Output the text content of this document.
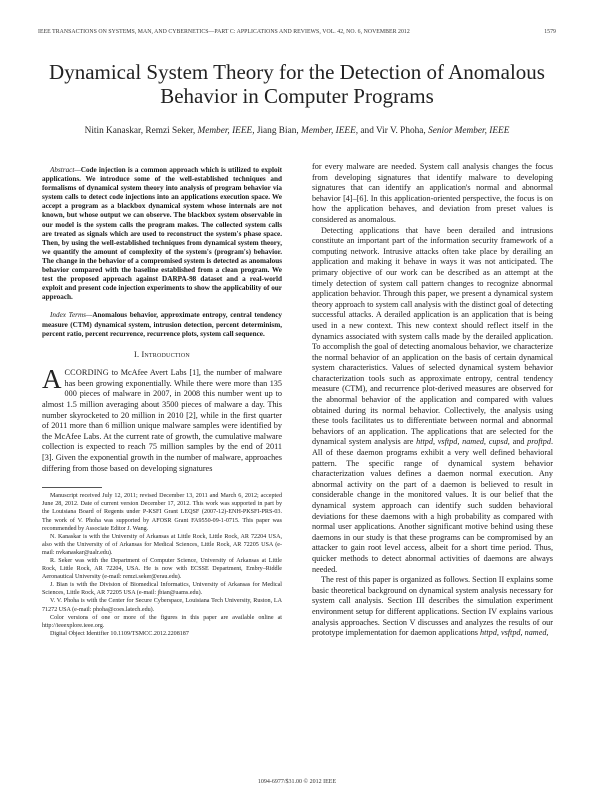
IEEE TRANSACTIONS ON SYSTEMS, MAN, AND CYBERNETICS—PART C: APPLICATIONS AND REVIEWS, VOL. 42, NO. 6, NOVEMBER 2012	1579
Dynamical System Theory for the Detection of Anomalous Behavior in Computer Programs
Nitin Kanaskar, Remzi Seker, Member, IEEE, Jiang Bian, Member, IEEE, and Vir V. Phoha, Senior Member, IEEE

Abstract—Code injection is a common approach which is utilized to exploit applications. We introduce some of the well-established techniques and formalisms of dynamical system theory into analysis of program behavior via system calls to detect code injections into an applications execution space. We accept a program as a blackbox dynamical system whose internals are not known, but whose output we can observe. The blackbox system observable in our model is the system calls the program makes. The collected system calls are treated as signals which are used to reconstruct the system's phase space. Then, by using the well-established techniques from dynamical system theory, we quantify the amount of complexity of the system's (program's) behavior. The change in the behavior of a compromised system is detected as anomalous behavior compared with the baseline established from a clean program. We test the proposed approach against DARPA-98 dataset and a real-world exploit and present code injection experiments to show the applicability of our approach.

Index Terms—Anomalous behavior, approximate entropy, central tendency measure (CTM) dynamical system, intrusion detection, percent determinism, percent ratio, percent recurrence, recurrence plots, system call sequence.
I. Introduction

ACCORDING to McAfee Avert Labs [1], the number of malware has been growing exponentially. While there were more than 135 000 pieces of malware in 2007, in 2008 this number went up to almost 1.5 million averaging about 3500 pieces of malware a day. This number skyrocketed to 20 million in 2010 [2], while in the first quarter of 2011 more than 6 million unique malware samples were identified by the McAfee Labs. At the current rate of growth, the cumulative malware collection is expected to reach 75 million samples by the end of 2011 [3]. Given the exponential growth in the number of malware, approaches differing from those based on developing signatures

Manuscript received July 12, 2011; revised December 13, 2011 and March 6, 2012; accepted June 28, 2012. Date of current version December 17, 2012. This work was supported in part by the Louisiana Board of Regents under P-KSFI Grant LEQSF (2007-12)-ENH-PKSFI-PRS-03. The work of V. Phoha was supported by AFOSR Grant FA9550-09-1-0715. This paper was recommended by Associate Editor J. Wang.

N. Kanaskar is with the University of Arkansas at Little Rock, Little Rock, AR 72204 USA, also with the University of of Arkansas for Medical Sciences, Little Rock, AR 72205 USA (e-mail: nvkanaskar@ualr.edu).

R. Seker was with the Department of Computer Science, University of Arkansas at Little Rock, Little Rock, AR 72204, USA. He is now with ECSSE Department, Embry–Riddle Aeronautical University (e-mail: remzi.seker@erau.edu).

J. Bian is with the Division of Biomedical Informatics, University of Arkansas for Medical Sciences, Little Rock, AR 72205 USA (e-mail: jbian@uams.edu).

V. V. Phoha is with the Center for Secure Cyberspace, Louisiana Tech University, Ruston, LA 71272 USA (e-mail: phoha@coes.latech.edu).

Color versions of one or more of the figures in this paper are available online at http://ieeexplore.ieee.org.

Digital Object Identifier 10.1109/TSMCC.2012.2208187

for every malware are needed. System call analysis changes the focus from developing signatures that identify malware to developing signatures that can identify an application's normal and abnormal behavior [4]–[6]. In this application-oriented perspective, the focus is on how the application behaves, and deviation from preset values is considered as anomalous.

Detecting applications that have been derailed and intrusions constitute an important part of the information security framework of a computing network. Intrusive attacks often take place by derailing an application and making it behave in ways it was not anticipated. The primary objective of our work can be described as an attempt at the timely detection of system call pattern changes to recognize abnormal application behavior. Through this paper, we present a dynamical system theory approach to system call analysis with the distinct goal of detecting successful attacks. A derailed application is an application that is being used in a new context. This new context should reflect itself in the dynamics associated with system calls made by the derailed application. To accomplish the goal of detecting anomalous behavior, we characterize the normal behavior of an application on the basis of certain dynamical system characteristics. Values of selected dynamical system behavior characterization tools such as approximate entropy, central tendency measure (CTM), and recurrence plot-derived measures are observed for the abnormal behavior of the application and compared with values obtained during its normal behavior. Collectively, the analysis using these tools facilitates us to differentiate between normal and abnormal behaviors of an application. The applications that are selected for the dynamical system analysis are httpd, vsftpd, named, cupsd, and proftpd. All of these daemon programs exhibit a very well defined behavioral pattern. The specific range of dynamical system behavior characterization values defines a daemon normal execution. Any abnormal activity on the part of a daemon is believed to result in considerable change in the monitored values. It is our belief that the dynamical system approach can identify such sudden behavioral deviations for these daemons with a high probability as compared with normal user applications. Another significant motive behind using these daemons in our study is that these programs can be compromised by an attacker to gain root level access, albeit for a short time period. Thus, quicker methods to detect abnormal activities of daemons are always needed.

The rest of this paper is organized as follows. Section II explains some basic theoretical background on dynamical system analysis necessary for system call analysis. Section III describes the simulation experiment environment setup for different applications. Section IV explains various analysis approaches. Section V discusses and analyzes the results of our prototype implementation for daemon applications httpd, vsftpd, named,

1094-6977/$31.00 © 2012 IEEE
